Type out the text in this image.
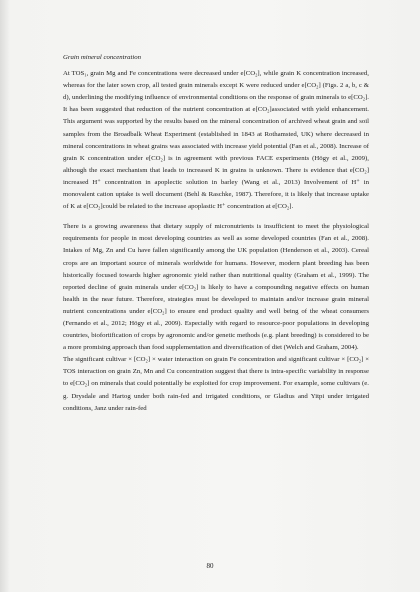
Grain mineral concentration

At TOS₁, grain Mg and Fe concentrations were decreased under e[CO₂], while grain K concentration increased, whereas for the later sown crop, all tested grain minerals except K were reduced under e[CO₂] (Figs. 2 a, b, c & d), underlining the modifying influence of environmental conditions on the response of grain minerals to e[CO₂]. It has been suggested that reduction of the nutrient concentration at e[CO₂]associated with yield enhancement. This argument was supported by the results based on the mineral concentration of archived wheat grain and soil samples from the Broadbalk Wheat Experiment (established in 1843 at Rothamsted, UK) where decreased in mineral concentrations in wheat grains was associated with increase yield potential (Fan et al., 2008). Increase of grain K concentration under e[CO₂] is in agreement with previous FACE experiments (Högy et al., 2009), although the exact mechanism that leads to increased K in grains is unknown. There is evidence that e[CO₂] increased H⁺ concentration in apoplectic solution in barley (Wang et al., 2013) Involvement of H⁺ in monovalent cation uptake is well document (Behl & Raschke, 1987). Therefore, it is likely that increase uptake of K at e[CO₂]could be related to the increase apoplastic H⁺ concentration at e[CO₂].

There is a growing awareness that dietary supply of micronutrients is insufficient to meet the physiological requirements for people in most developing countries as well as some developed countries (Fan et al., 2008). Intakes of Mg, Zn and Cu have fallen significantly among the UK population (Henderson et al., 2003). Cereal crops are an important source of minerals worldwide for humans. However, modern plant breeding has been historically focused towards higher agronomic yield rather than nutritional quality (Graham et al., 1999). The reported decline of grain minerals under e[CO₂] is likely to have a compounding negative effects on human health in the near future. Therefore, strategies must be developed to maintain and/or increase grain mineral nutrient concentrations under e[CO₂] to ensure end product quality and well being of the wheat consumers (Fernando et al., 2012; Högy et al., 2009). Especially with regard to resource-poor populations in developing countries, biofortification of crops by agronomic and/or genetic methods (e.g. plant breeding) is considered to be a more promising approach than food supplementation and diversification of diet (Welch and Graham, 2004).

The significant cultivar × [CO₂] × water interaction on grain Fe concentration and significant cultivar × [CO₂] × TOS interaction on grain Zn, Mn and Cu concentration suggest that there is intra-specific variability in response to e[CO₂] on minerals that could potentially be exploited for crop improvement. For example, some cultivars (e. g. Drysdale and Hartog under both rain-fed and irrigated conditions, or Gladius and Yitpi under irrigated conditions, Janz under rain-fed

80
